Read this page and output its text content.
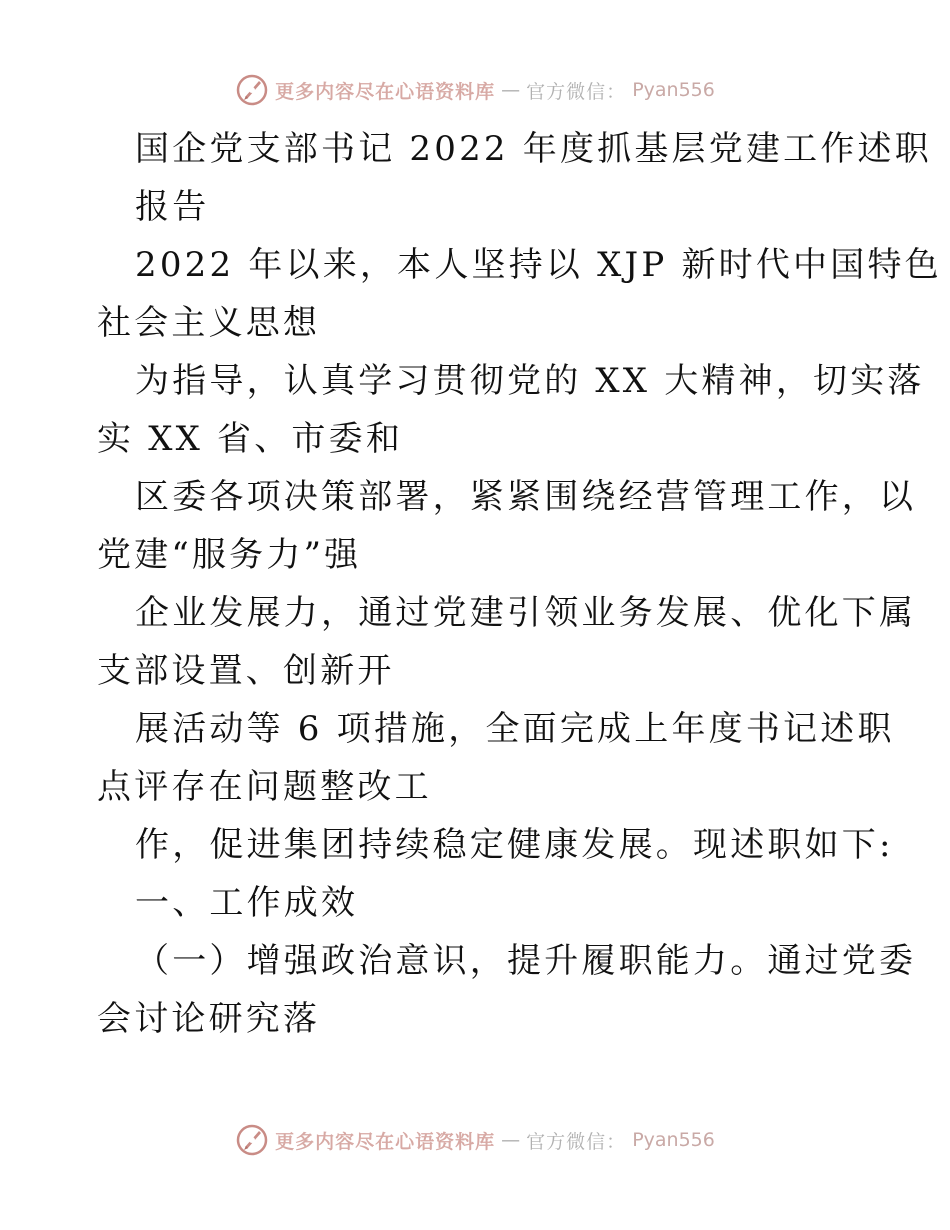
更多内容尽在心语资料库 — 官方微信： Pyan556
国企党支部书记 2022 年度抓基层党建工作述职
报告
2022 年以来，本人坚持以 XJP 新时代中国特色
社会主义思想
为指导，认真学习贯彻党的 XX 大精神，切实落
实 XX 省、市委和
区委各项决策部署，紧紧围绕经营管理工作，以
党建“服务力”强
企业发展力，通过党建引领业务发展、优化下属
支部设置、创新开
展活动等 6 项措施，全面完成上年度书记述职
点评存在问题整改工
作，促进集团持续稳定健康发展。现述职如下:
一、工作成效
（一）增强政治意识，提升履职能力。通过党委
会讨论研究落
更多内容尽在心语资料库 — 官方微信： Pyan556
